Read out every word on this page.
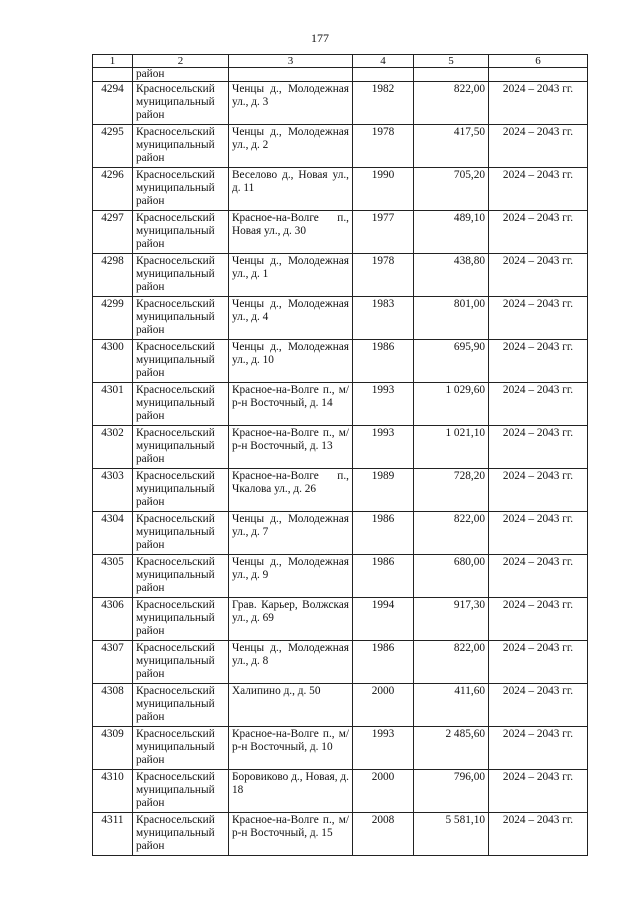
177
1	2	3	4	5	6
	район				
4294	Красносельский муниципальный район	Ченцы д., Молодежная ул., д. 3	1982	822,00	2024 – 2043 гг.
4295	Красносельский муниципальный район	Ченцы д., Молодежная ул., д. 2	1978	417,50	2024 – 2043 гг.
4296	Красносельский муниципальный район	Веселово д., Новая ул., д. 11	1990	705,20	2024 – 2043 гг.
4297	Красносельский муниципальный район	Красное-на-Волге п., Новая ул., д. 30	1977	489,10	2024 – 2043 гг.
4298	Красносельский муниципальный район	Ченцы д., Молодежная ул., д. 1	1978	438,80	2024 – 2043 гг.
4299	Красносельский муниципальный район	Ченцы д., Молодежная ул., д. 4	1983	801,00	2024 – 2043 гг.
4300	Красносельский муниципальный район	Ченцы д., Молодежная ул., д. 10	1986	695,90	2024 – 2043 гг.
4301	Красносельский муниципальный район	Красное-на-Волге п., м/р-н Восточный, д. 14	1993	1 029,60	2024 – 2043 гг.
4302	Красносельский муниципальный район	Красное-на-Волге п., м/р-н Восточный, д. 13	1993	1 021,10	2024 – 2043 гг.
4303	Красносельский муниципальный район	Красное-на-Волге п., Чкалова ул., д. 26	1989	728,20	2024 – 2043 гг.
4304	Красносельский муниципальный район	Ченцы д., Молодежная ул., д. 7	1986	822,00	2024 – 2043 гг.
4305	Красносельский муниципальный район	Ченцы д., Молодежная ул., д. 9	1986	680,00	2024 – 2043 гг.
4306	Красносельский муниципальный район	Грав. Карьер, Волжская ул., д. 69	1994	917,30	2024 – 2043 гг.
4307	Красносельский муниципальный район	Ченцы д., Молодежная ул., д. 8	1986	822,00	2024 – 2043 гг.
4308	Красносельский муниципальный район	Халипино д., д. 50	2000	411,60	2024 – 2043 гг.
4309	Красносельский муниципальный район	Красное-на-Волге п., м/р-н Восточный, д. 10	1993	2 485,60	2024 – 2043 гг.
4310	Красносельский муниципальный район	Боровиково д., Новая, д. 18	2000	796,00	2024 – 2043 гг.
4311	Красносельский муниципальный район	Красное-на-Волге п., м/р-н Восточный, д. 15	2008	5 581,10	2024 – 2043 гг.
